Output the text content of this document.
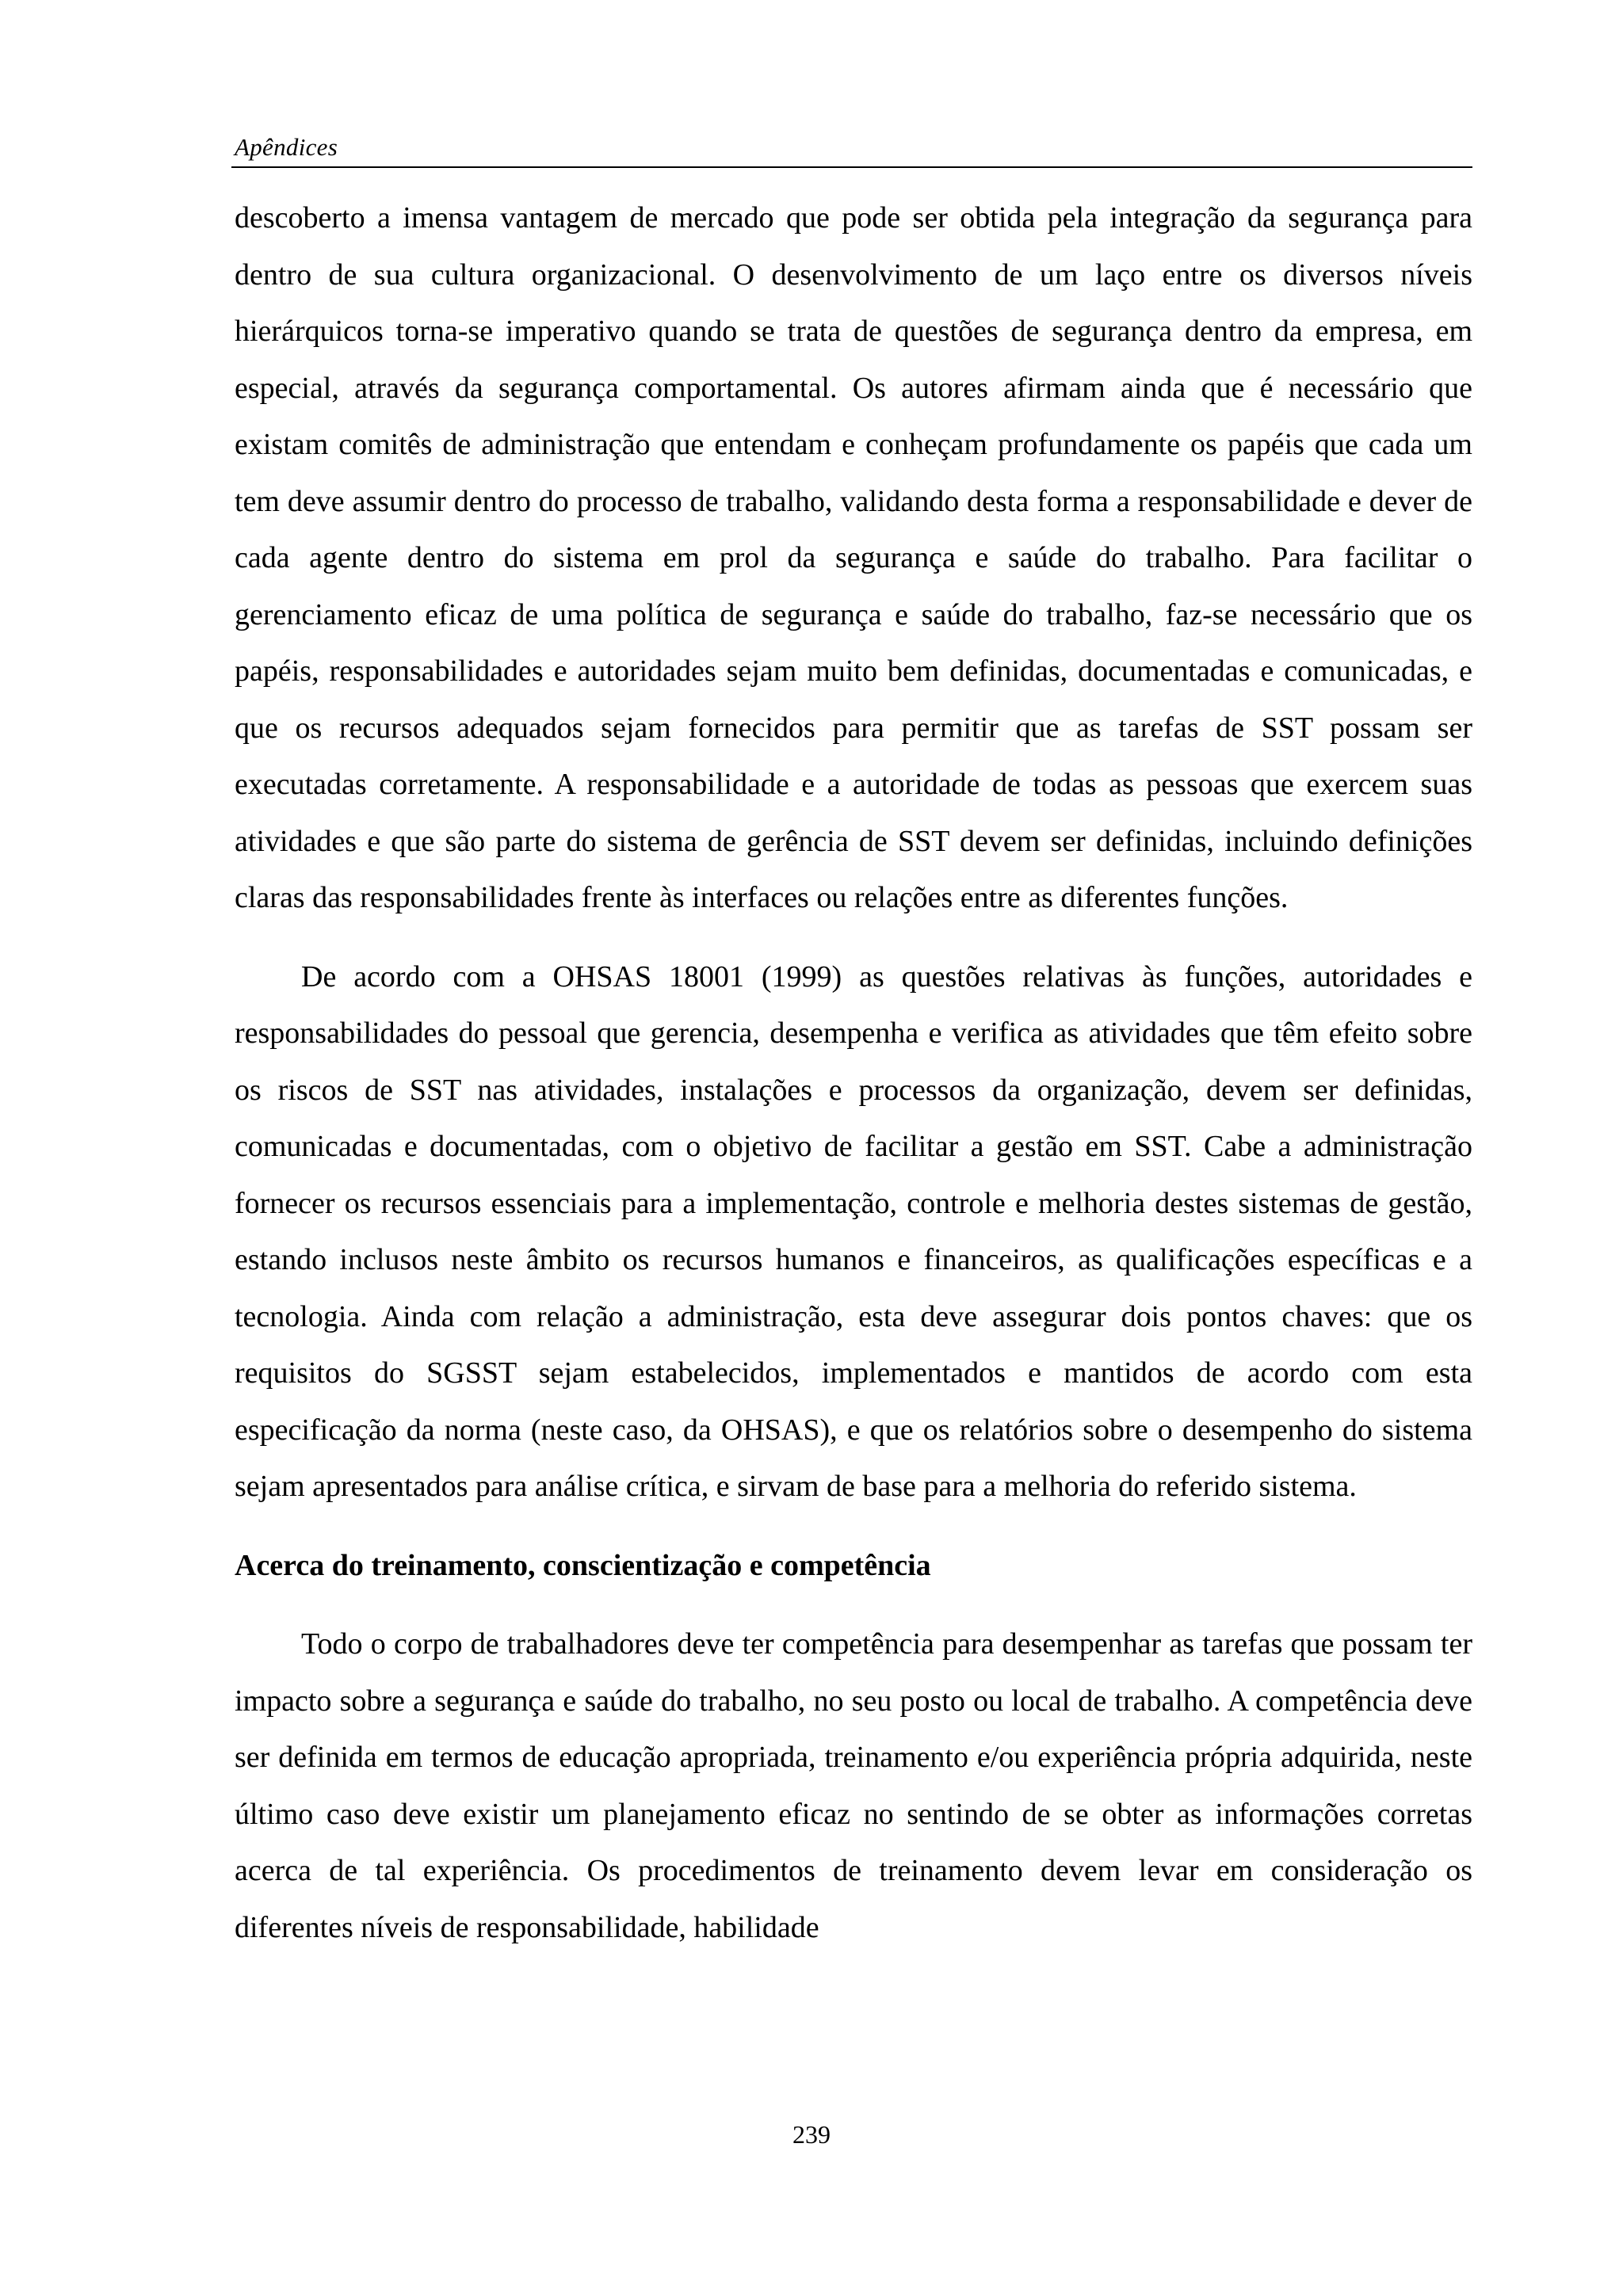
Apêndices

descoberto a imensa vantagem de mercado que pode ser obtida pela integração da segurança para dentro de sua cultura organizacional. O desenvolvimento de um laço entre os diversos níveis hierárquicos torna-se imperativo quando se trata de questões de segurança dentro da empresa, em especial, através da segurança comportamental. Os autores afirmam ainda que é necessário que existam comitês de administração que entendam e conheçam profundamente os papéis que cada um tem deve assumir dentro do processo de trabalho, validando desta forma a responsabilidade e dever de cada agente dentro do sistema em prol da segurança e saúde do trabalho. Para facilitar o gerenciamento eficaz de uma política de segurança e saúde do trabalho, faz-se necessário que os papéis, responsabilidades e autoridades sejam muito bem definidas, documentadas e comunicadas, e que os recursos adequados sejam fornecidos para permitir que as tarefas de SST possam ser executadas corretamente. A responsabilidade e a autoridade de todas as pessoas que exercem suas atividades e que são parte do sistema de gerência de SST devem ser definidas, incluindo definições claras das responsabilidades frente às interfaces ou relações entre as diferentes funções.

De acordo com a OHSAS 18001 (1999) as questões relativas às funções, autoridades e responsabilidades do pessoal que gerencia, desempenha e verifica as atividades que têm efeito sobre os riscos de SST nas atividades, instalações e processos da organização, devem ser definidas, comunicadas e documentadas, com o objetivo de facilitar a gestão em SST. Cabe a administração fornecer os recursos essenciais para a implementação, controle e melhoria destes sistemas de gestão, estando inclusos neste âmbito os recursos humanos e financeiros, as qualificações específicas e a tecnologia. Ainda com relação a administração, esta deve assegurar dois pontos chaves: que os requisitos do SGSST sejam estabelecidos, implementados e mantidos de acordo com esta especificação da norma (neste caso, da OHSAS), e que os relatórios sobre o desempenho do sistema sejam apresentados para análise crítica, e sirvam de base para a melhoria do referido sistema.

Acerca do treinamento, conscientização e competência

Todo o corpo de trabalhadores deve ter competência para desempenhar as tarefas que possam ter impacto sobre a segurança e saúde do trabalho, no seu posto ou local de trabalho. A competência deve ser definida em termos de educação apropriada, treinamento e/ou experiência própria adquirida, neste último caso deve existir um planejamento eficaz no sentindo de se obter as informações corretas acerca de tal experiência. Os procedimentos de treinamento devem levar em consideração os diferentes níveis de responsabilidade, habilidade

239
